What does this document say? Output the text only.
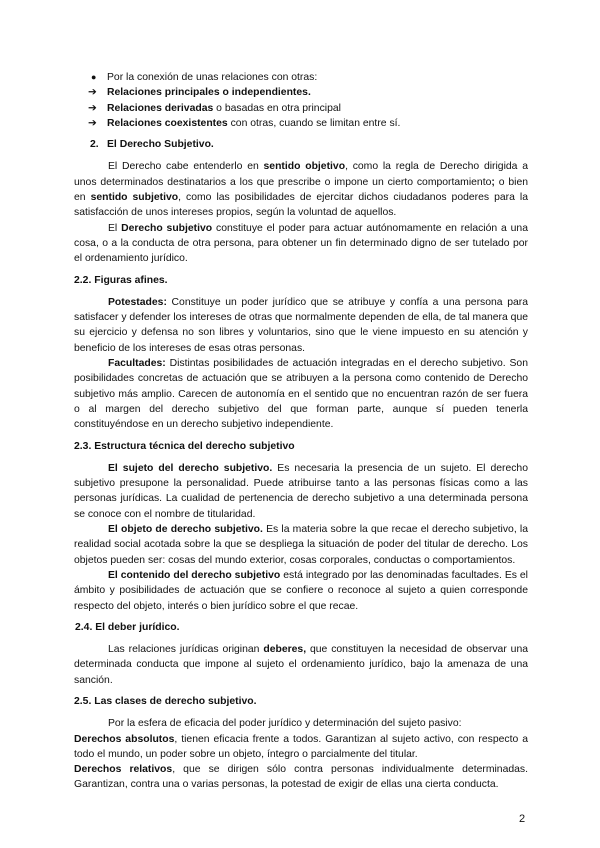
● Por la conexión de unas relaciones con otras:
➔ Relaciones principales o independientes.
➔ Relaciones derivadas o basadas en otra principal
➔ Relaciones coexistentes con otras, cuando se limitan entre sí.
2. El Derecho Subjetivo.

El Derecho cabe entenderlo en sentido objetivo, como la regla de Derecho dirigida a unos determinados destinatarios a los que prescribe o impone un cierto comportamiento; o bien en sentido subjetivo, como las posibilidades de ejercitar dichos ciudadanos poderes para la satisfacción de unos intereses propios, según la voluntad de aquellos.

El Derecho subjetivo constituye el poder para actuar autónomamente en relación a una cosa, o a la conducta de otra persona, para obtener un fin determinado digno de ser tutelado por el ordenamiento jurídico.

2.2. Figuras afines.

Potestades: Constituye un poder jurídico que se atribuye y confía a una persona para satisfacer y defender los intereses de otras que normalmente dependen de ella, de tal manera que su ejercicio y defensa no son libres y voluntarios, sino que le viene impuesto en su atención y beneficio de los intereses de esas otras personas.

Facultades: Distintas posibilidades de actuación integradas en el derecho subjetivo. Son posibilidades concretas de actuación que se atribuyen a la persona como contenido de Derecho subjetivo más amplio. Carecen de autonomía en el sentido que no encuentran razón de ser fuera o al margen del derecho subjetivo del que forman parte, aunque sí pueden tenerla constituyéndose en un derecho subjetivo independiente.

2.3. Estructura técnica del derecho subjetivo

El sujeto del derecho subjetivo. Es necesaria la presencia de un sujeto. El derecho subjetivo presupone la personalidad. Puede atribuirse tanto a las personas físicas como a las personas jurídicas. La cualidad de pertenencia de derecho subjetivo a una determinada persona se conoce con el nombre de titularidad.

El objeto de derecho subjetivo. Es la materia sobre la que recae el derecho subjetivo, la realidad social acotada sobre la que se despliega la situación de poder del titular de derecho. Los objetos pueden ser: cosas del mundo exterior, cosas corporales, conductas o comportamientos.

El contenido del derecho subjetivo está integrado por las denominadas facultades. Es el ámbito y posibilidades de actuación que se confiere o reconoce al sujeto a quien corresponde respecto del objeto, interés o bien jurídico sobre el que recae.

2.4. El deber jurídico.

Las relaciones jurídicas originan deberes, que constituyen la necesidad de observar una determinada conducta que impone al sujeto el ordenamiento jurídico, bajo la amenaza de una sanción.

2.5. Las clases de derecho subjetivo.

Por la esfera de eficacia del poder jurídico y determinación del sujeto pasivo:

Derechos absolutos, tienen eficacia frente a todos. Garantizan al sujeto activo, con respecto a todo el mundo, un poder sobre un objeto, íntegro o parcialmente del titular.

Derechos relativos, que se dirigen sólo contra personas individualmente determinadas. Garantizan, contra una o varias personas, la potestad de exigir de ellas una cierta conducta.

2
